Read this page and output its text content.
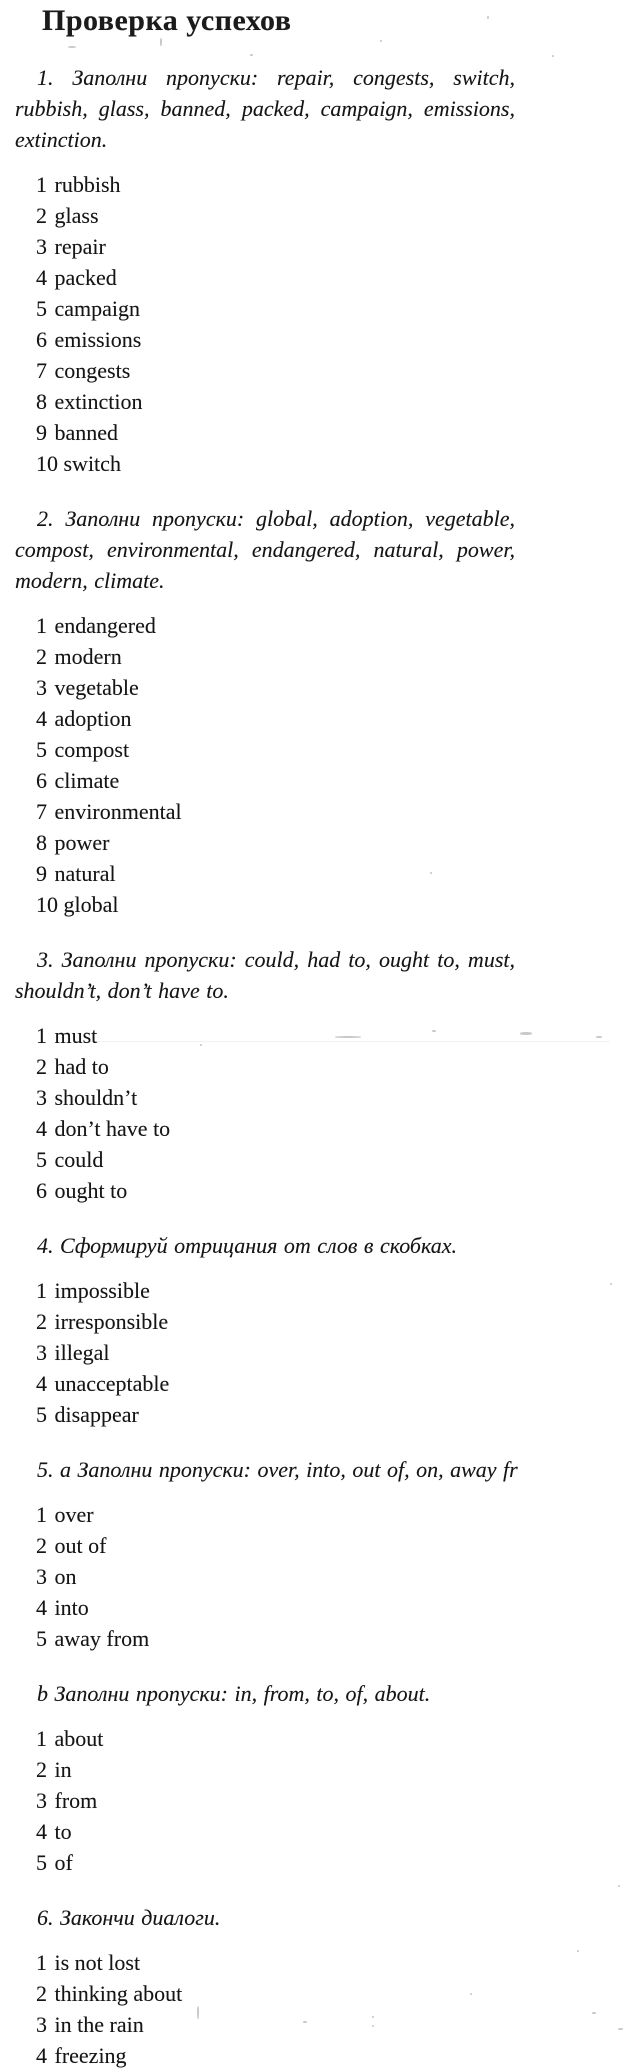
Проверка успехов

1. Заполни пропуски: repair, congests, switch, rubbish, glass, banned, packed, campaign, emissions, extinction.

1 rubbish
2 glass
3 repair
4 packed
5 campaign
6 emissions
7 congests
8 extinction
9 banned
10 switch

2. Заполни пропуски: global, adoption, vegetable, compost, environmental, endangered, natural, power, modern, climate.

1 endangered
2 modern
3 vegetable
4 adoption
5 compost
6 climate
7 environmental
8 power
9 natural
10 global

3. Заполни пропуски: could, had to, ought to, must, shouldn’t, don’t have to.

1 must
2 had to
3 shouldn’t
4 don’t have to
5 could
6 ought to

4. Сформируй отрицания от слов в скобках.

1 impossible
2 irresponsible
3 illegal
4 unacceptable
5 disappear

5. a Заполни пропуски: over, into, out of, on, away fr

1 over
2 out of
3 on
4 into
5 away from

b Заполни пропуски: in, from, to, of, about.

1 about
2 in
3 from
4 to
5 of

6. Закончи диалоги.

1 is not lost
2 thinking about
3 in the rain
4 freezing
